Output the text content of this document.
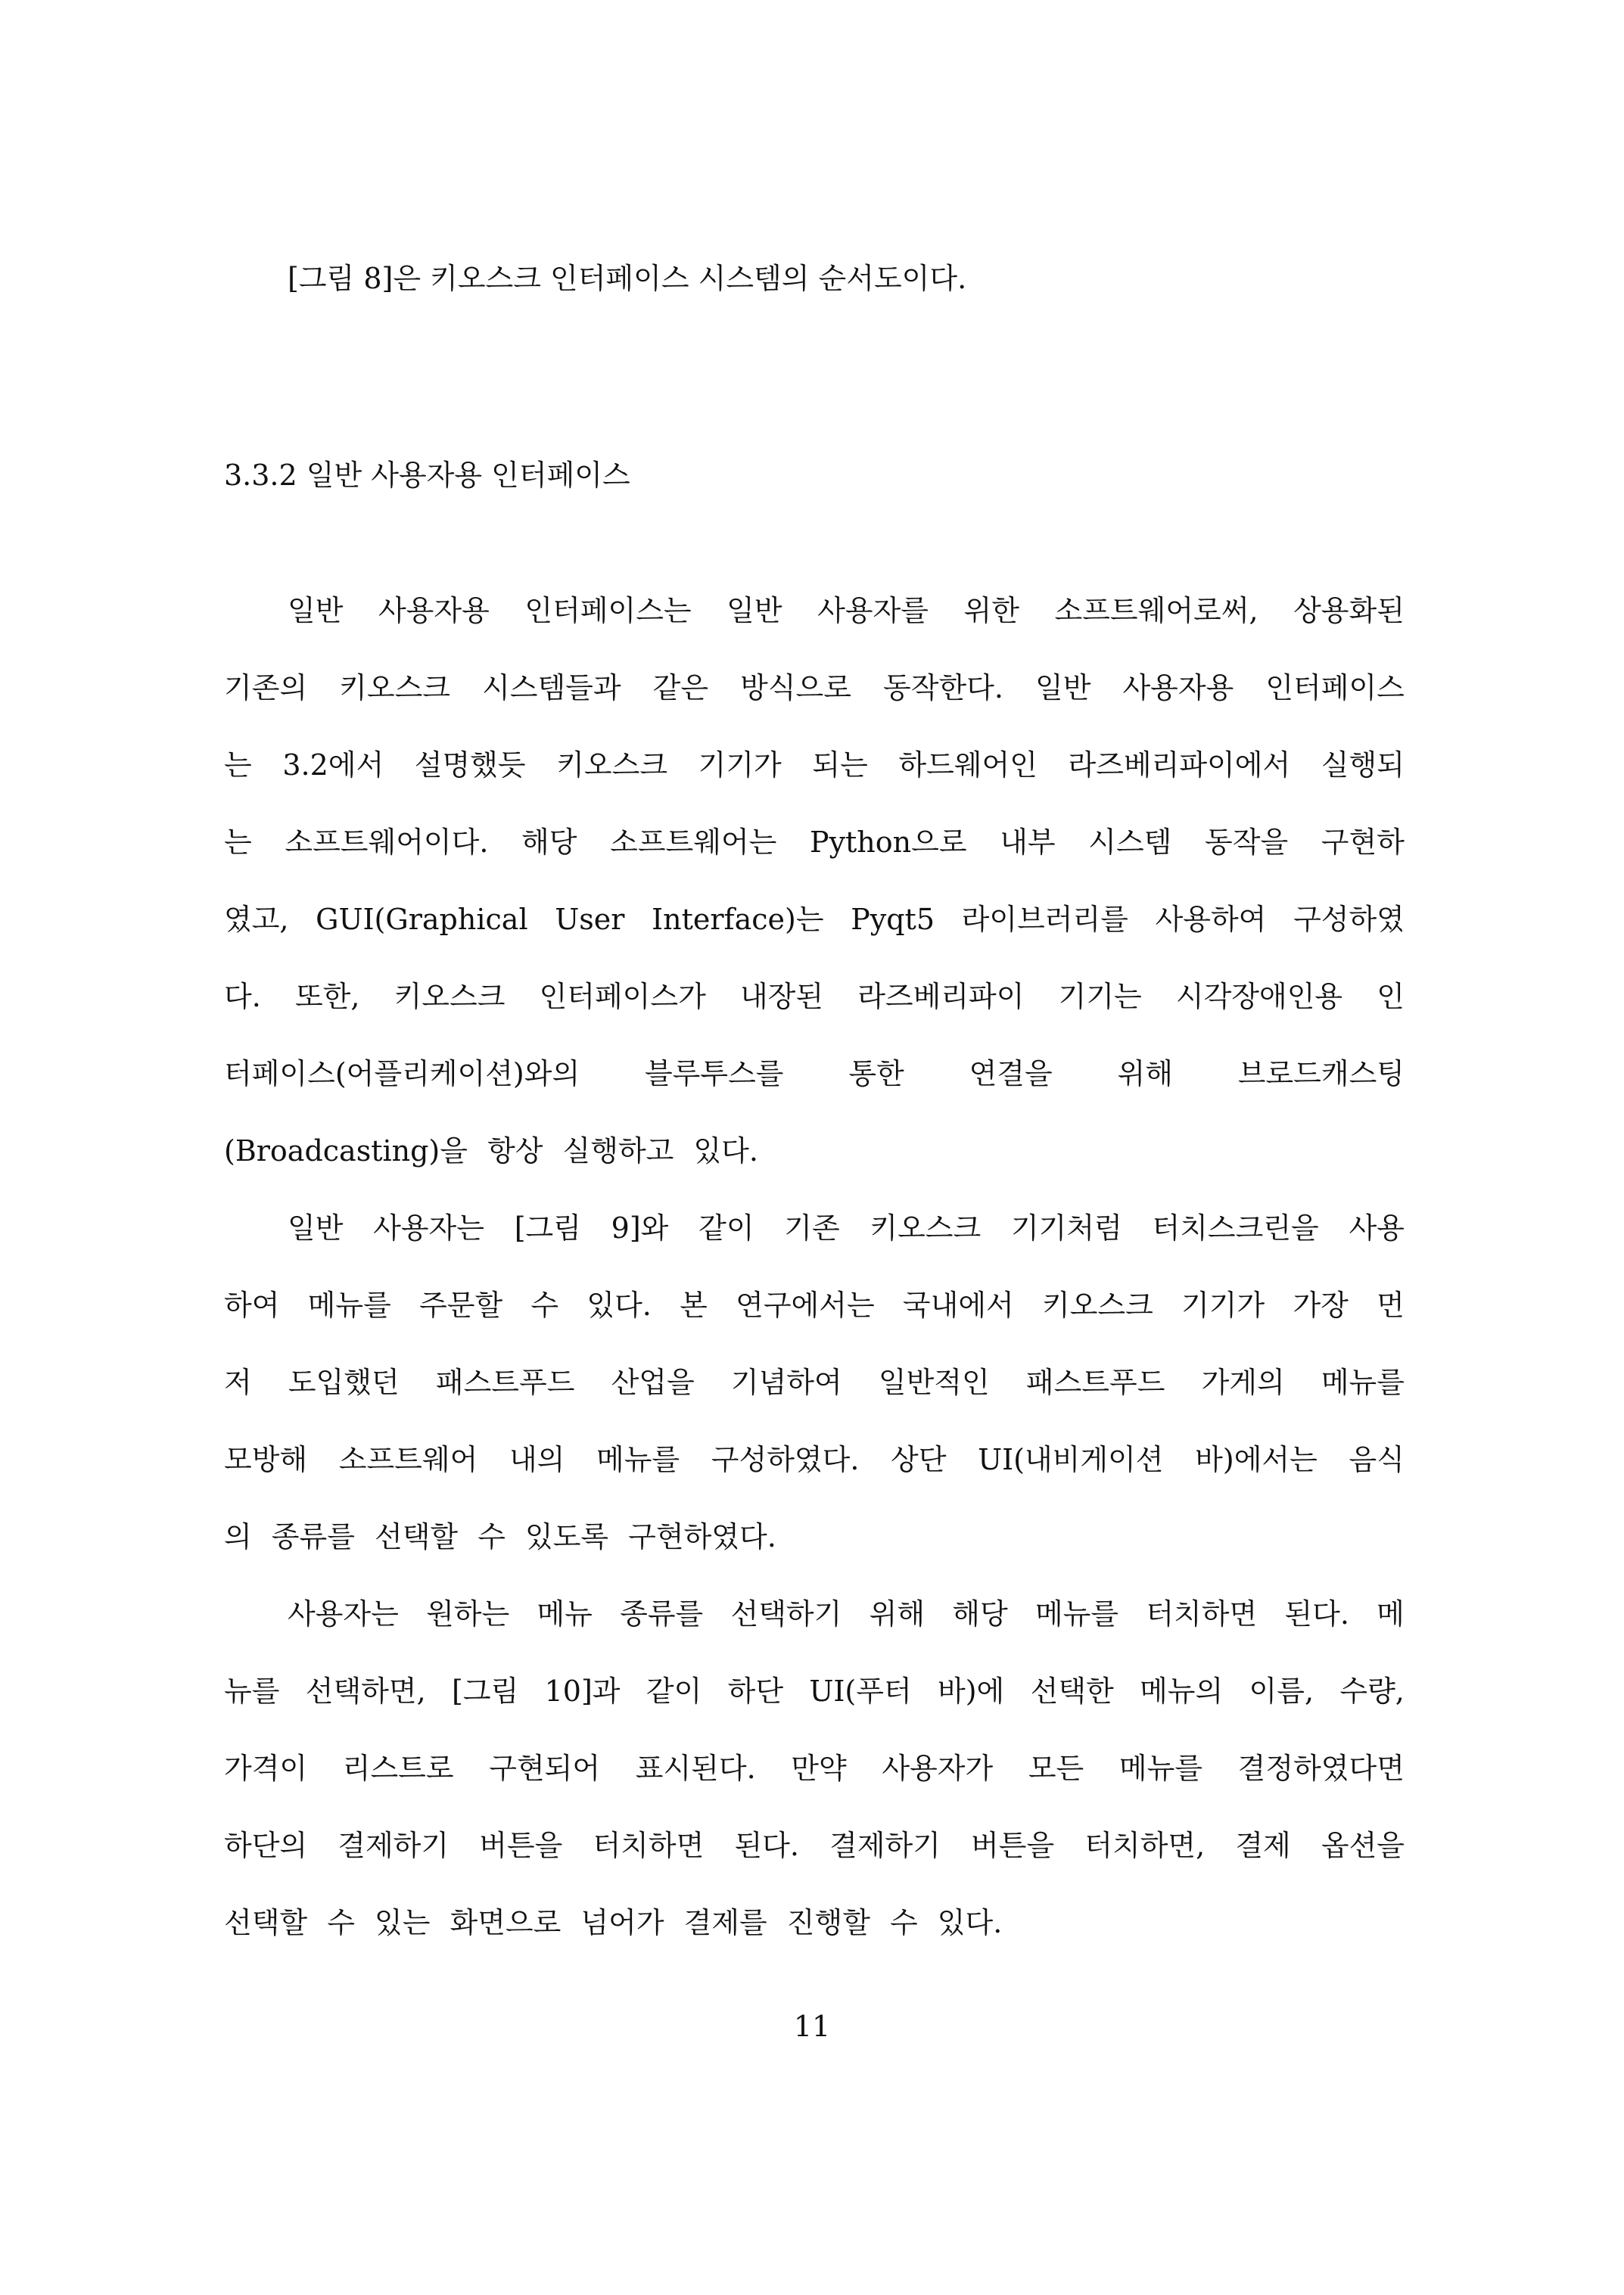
[그림 8]은 키오스크 인터페이스 시스템의 순서도이다.
3.3.2 일반 사용자용 인터페이스
일반 사용자용 인터페이스는 일반 사용자를 위한 소프트웨어로써, 상용화된
기존의 키오스크 시스템들과 같은 방식으로 동작한다. 일반 사용자용 인터페이스
는 3.2에서 설명했듯 키오스크 기기가 되는 하드웨어인 라즈베리파이에서 실행되
는 소프트웨어이다. 해당 소프트웨어는 Python으로 내부 시스템 동작을 구현하
였고, GUI(Graphical User Interface)는 Pyqt5 라이브러리를 사용하여 구성하였
다. 또한, 키오스크 인터페이스가 내장된 라즈베리파이 기기는 시각장애인용 인
터페이스(어플리케이션)와의 블루투스를 통한 연결을 위해 브로드캐스팅
(Broadcasting)을 항상 실행하고 있다.
일반 사용자는 [그림 9]와 같이 기존 키오스크 기기처럼 터치스크린을 사용
하여 메뉴를 주문할 수 있다. 본 연구에서는 국내에서 키오스크 기기가 가장 먼
저 도입했던 패스트푸드 산업을 기념하여 일반적인 패스트푸드 가게의 메뉴를
모방해 소프트웨어 내의 메뉴를 구성하였다. 상단 UI(내비게이션 바)에서는 음식
의 종류를 선택할 수 있도록 구현하였다.
사용자는 원하는 메뉴 종류를 선택하기 위해 해당 메뉴를 터치하면 된다. 메
뉴를 선택하면, [그림 10]과 같이 하단 UI(푸터 바)에 선택한 메뉴의 이름, 수량,
가격이 리스트로 구현되어 표시된다. 만약 사용자가 모든 메뉴를 결정하였다면
하단의 결제하기 버튼을 터치하면 된다. 결제하기 버튼을 터치하면, 결제 옵션을
선택할 수 있는 화면으로 넘어가 결제를 진행할 수 있다.
11
